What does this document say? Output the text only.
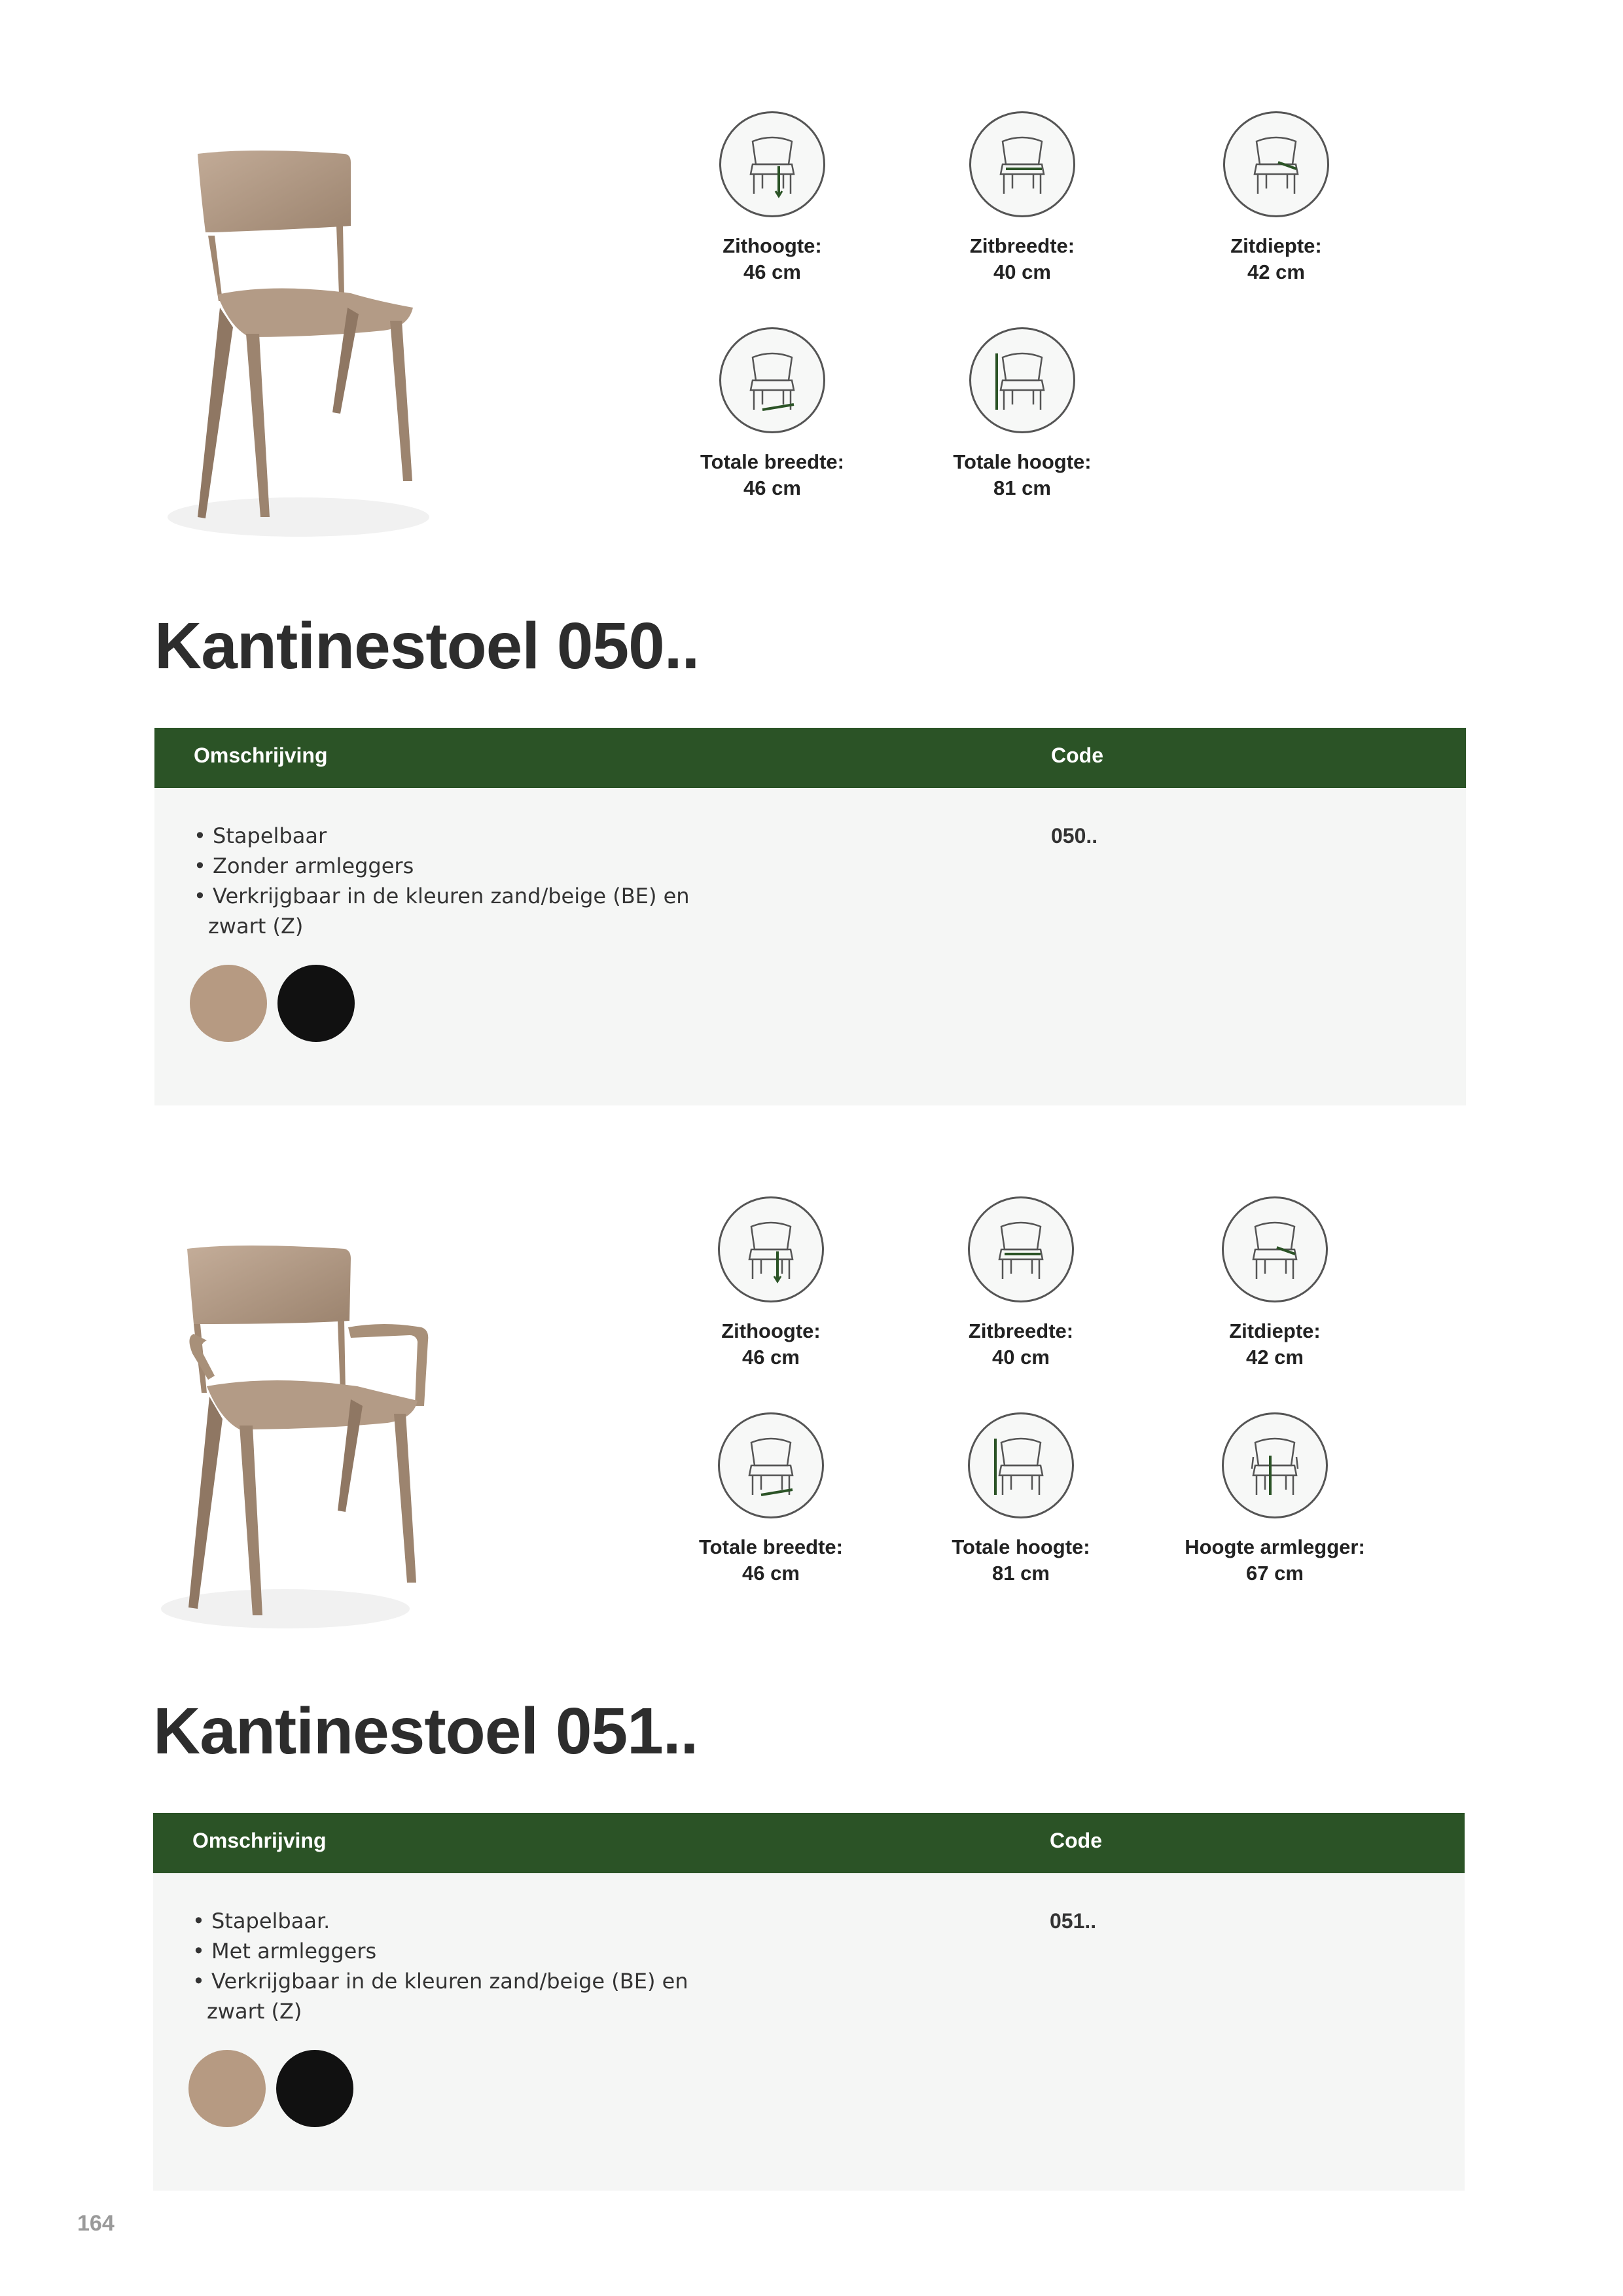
Zithoogte:
46 cm
Zitbreedte:
40 cm
Zitdiepte:
42 cm
Totale breedte:
46 cm
Totale hoogte:
81 cm
Kantinestoel 050..
Omschrijving	Code
• Stapelbaar
• Zonder armleggers
• Verkrijgbaar in de kleuren zand/beige (BE) en zwart (Z)
050..
Zithoogte:
46 cm
Zitbreedte:
40 cm
Zitdiepte:
42 cm
Totale breedte:
46 cm
Totale hoogte:
81 cm
Hoogte armlegger:
67 cm
Kantinestoel 051..
Omschrijving	Code
• Stapelbaar.
• Met armleggers
• Verkrijgbaar in de kleuren zand/beige (BE) en zwart (Z)
051..
164
